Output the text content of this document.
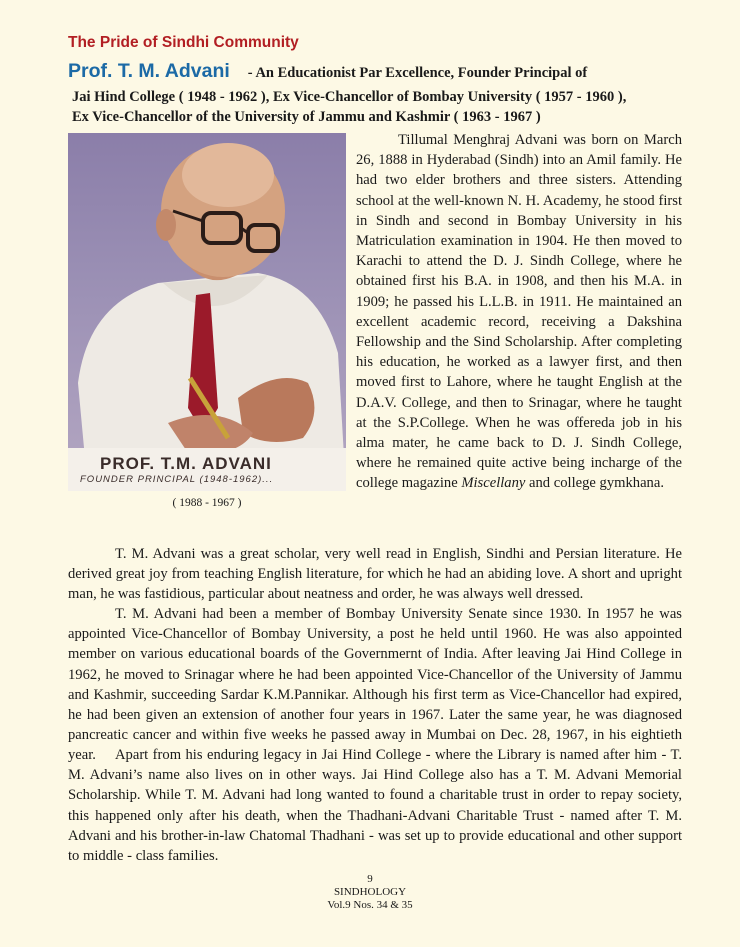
The Pride of Sindhi Community
Prof. T. M. Advani - An Educationist Par Excellence, Founder Principal of
Jai Hind College ( 1948 - 1962 ), Ex Vice-Chancellor of Bombay University ( 1957 - 1960 ),
Ex Vice-Chancellor of the University of Jammu and Kashmir ( 1963 - 1967 )
PROF. T.M. ADVANI
FOUNDER PRINCIPAL (1948-1962)...
( 1988 - 1967 )

Tillumal Menghraj Advani was born on March 26, 1888 in Hyderabad (Sindh) into an Amil family. He had two elder brothers and three sisters. Attending school at the well-known N. H. Academy, he stood first in Sindh and second in Bombay University in his Matriculation examination in 1904. He then moved to Karachi to attend the D. J. Sindh College, where he obtained first his B.A. in 1908, and then his M.A. in 1909; he passed his L.L.B. in 1911. He maintained an excellent academic record, receiving a Dakshina Fellowship and the Sind Scholarship. After completing his education, he worked as a lawyer first, and then moved first to Lahore, where he taught English at the D.A.V. College, and then to Srinagar, where he taught at the S.P.College. When he was offereda job in his alma mater, he came back to D. J. Sindh College, where he remained quite active being incharge of the college magazine Miscellany and college gymkhana.

T. M. Advani was a great scholar, very well read in English, Sindhi and Persian literature. He derived great joy from teaching English literature, for which he had an abiding love. A short and upright man, he was fastidious, particular about neatness and order, he was always well dressed.

T. M. Advani had been a member of Bombay University Senate since 1930. In 1957 he was appointed Vice-Chancellor of Bombay University, a post he held until 1960. He was also appointed member on various educational boards of the Governmernt of India. After leaving Jai Hind College in 1962, he moved to Srinagar where he had been appointed Vice-Chancellor of the University of Jammu and Kashmir, succeeding Sardar K.M.Pannikar. Although his first term as Vice-Chancellor had expired, he had been given an extension of another four years in 1967. Later the same year, he was diagnosed pancreatic cancer and within five weeks he passed away in Mumbai on Dec. 28, 1967, in his eightieth year.	Apart from his enduring legacy in Jai Hind College - where the Library is named after him - T. M. Advani’s name also lives on in other ways. Jai Hind College also has a T. M. Advani Memorial Scholarship. While T. M. Advani had long wanted to found a charitable trust in order to repay society, this happened only after his death, when the Thadhani-Advani Charitable Trust - named after T. M. Advani and his brother-in-law Chatomal Thadhani - was set up to provide educational and other support to middle - class families.

9
SINDHOLOGY
Vol.9 Nos. 34 & 35
